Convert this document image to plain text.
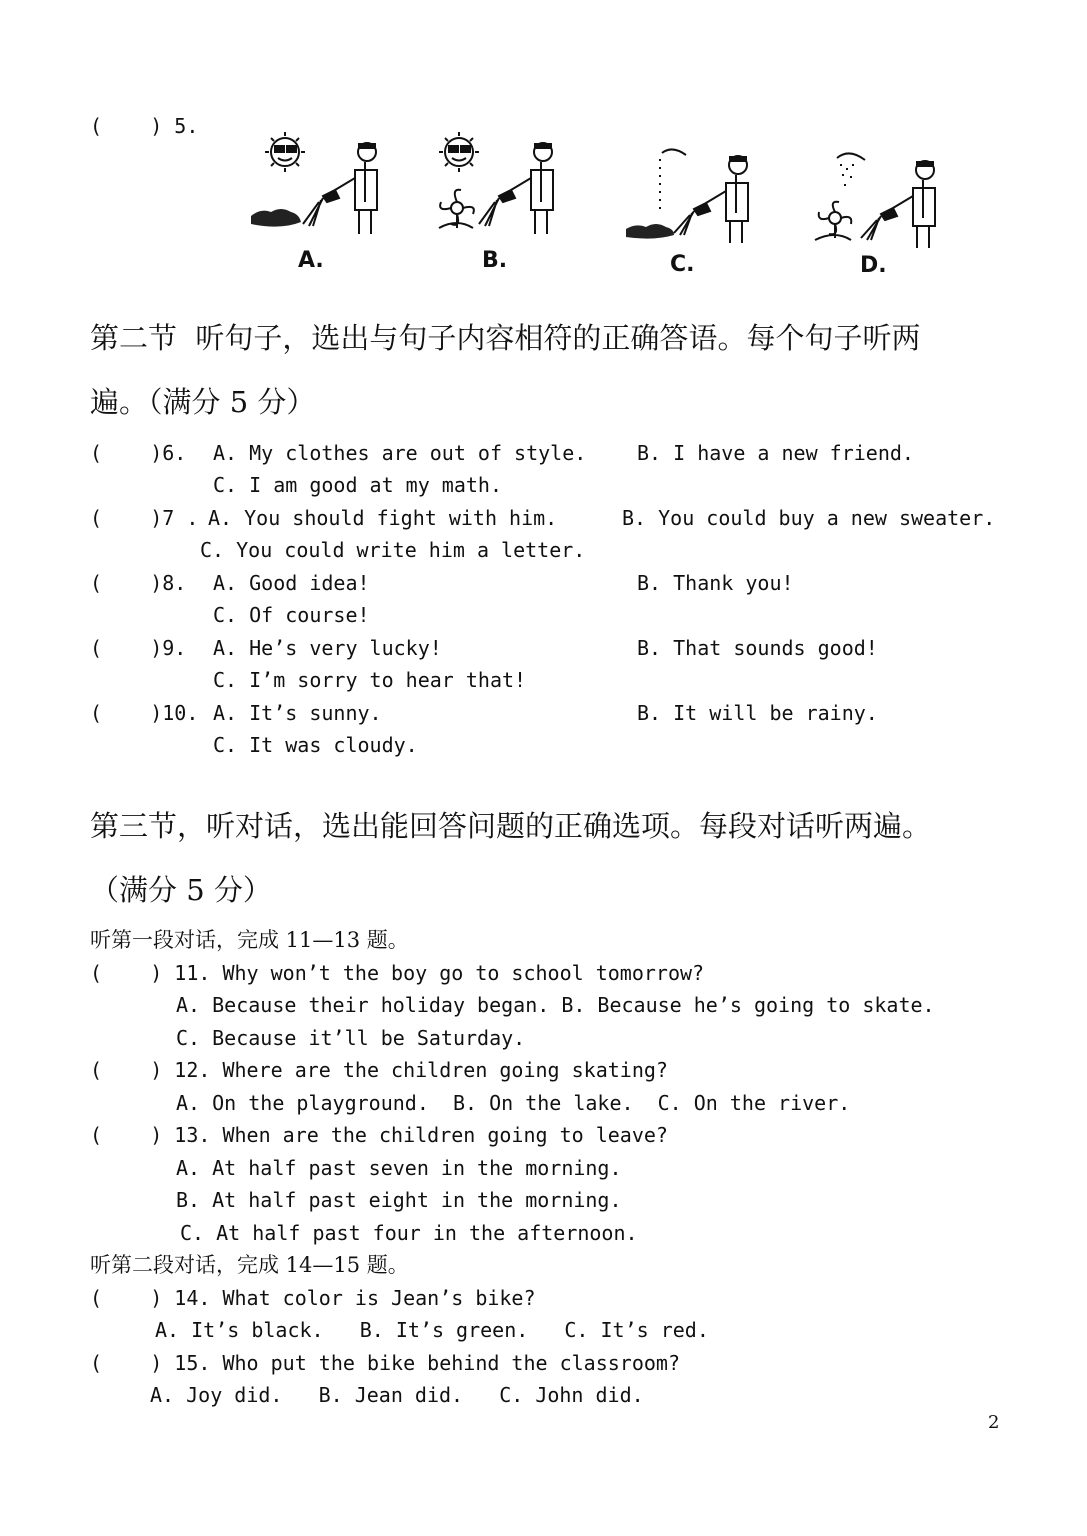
(    ) 5.
A.	B.	C.	D.
第二节  听句子，选出与句子内容相符的正确答语。每个句子听两
遍。（满分 5 分）
(    )6. A. My clothes are out of style.	B. I have a new friend.
C. I am good at my math.
(    )7 . A. You should fight with him.	B. You could buy a new sweater.
C. You could write him a letter.
(    )8. A. Good idea!	B. Thank you!
C. Of course!
(    )9. A. He’s very lucky!	B. That sounds good!
C. I’m sorry to hear that!
(    )10. A. It’s sunny.	B. It will be rainy.
C. It was cloudy.
第三节，听对话，选出能回答问题的正确选项。每段对话听两遍。
（满分 5 分）
听第一段对话，完成 11—13 题。
(    ) 11. Why won’t the boy go to school tomorrow?
A. Because their holiday began. B. Because he’s going to skate.
C. Because it’ll be Saturday.
(    ) 12. Where are the children going skating?
A. On the playground.  B. On the lake.  C. On the river.
(    ) 13. When are the children going to leave?
A. At half past seven in the morning.
B. At half past eight in the morning.
C. At half past four in the afternoon.
听第二段对话，完成 14—15 题。
(    ) 14. What color is Jean’s bike?
A. It’s black.   B. It’s green.   C. It’s red.
(    ) 15. Who put the bike behind the classroom?
A. Joy did.   B. Jean did.   C. John did.
2
